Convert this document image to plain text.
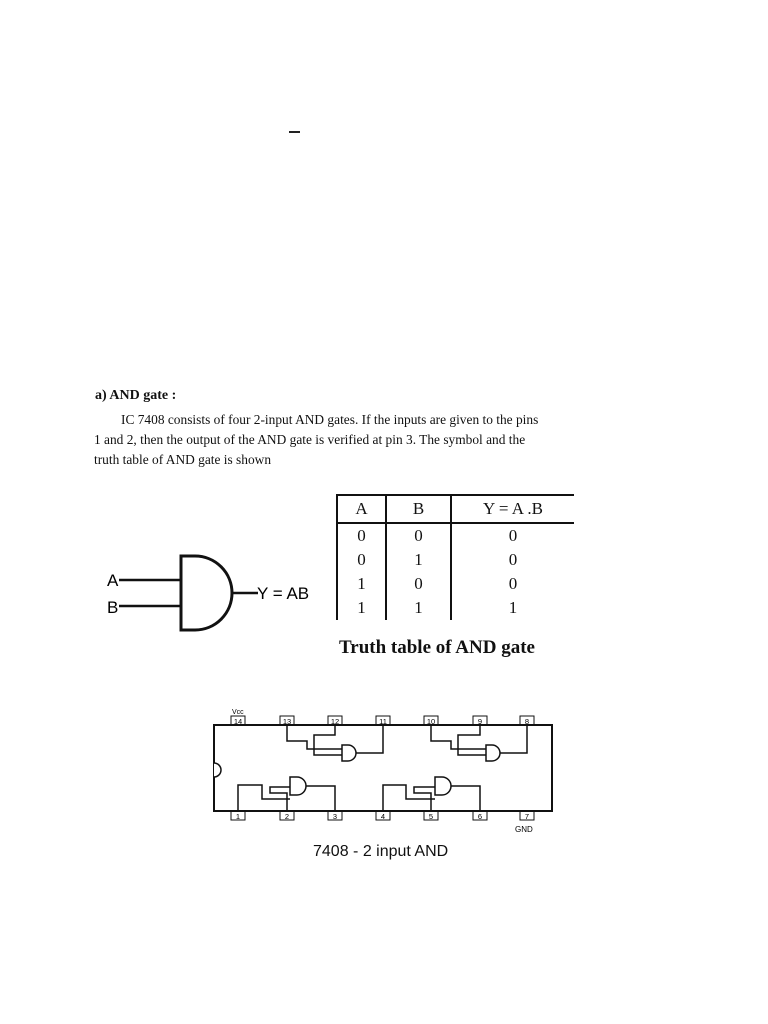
a) AND gate :
IC 7408 consists of four 2-input AND gates. If the inputs are given to the pins
1 and 2, then the output of the AND gate is verified at pin 3. The symbol and the
truth table of AND gate is shown
A
B
Y = AB
A	B	Y = A .B
0	0	0
0	1	0
1	0	0
1	1	1
Truth table of AND gate
Vcc
14	13	12	11	10	9	8
1	2	3	4	5	6	7
GND
7408 - 2 input AND
